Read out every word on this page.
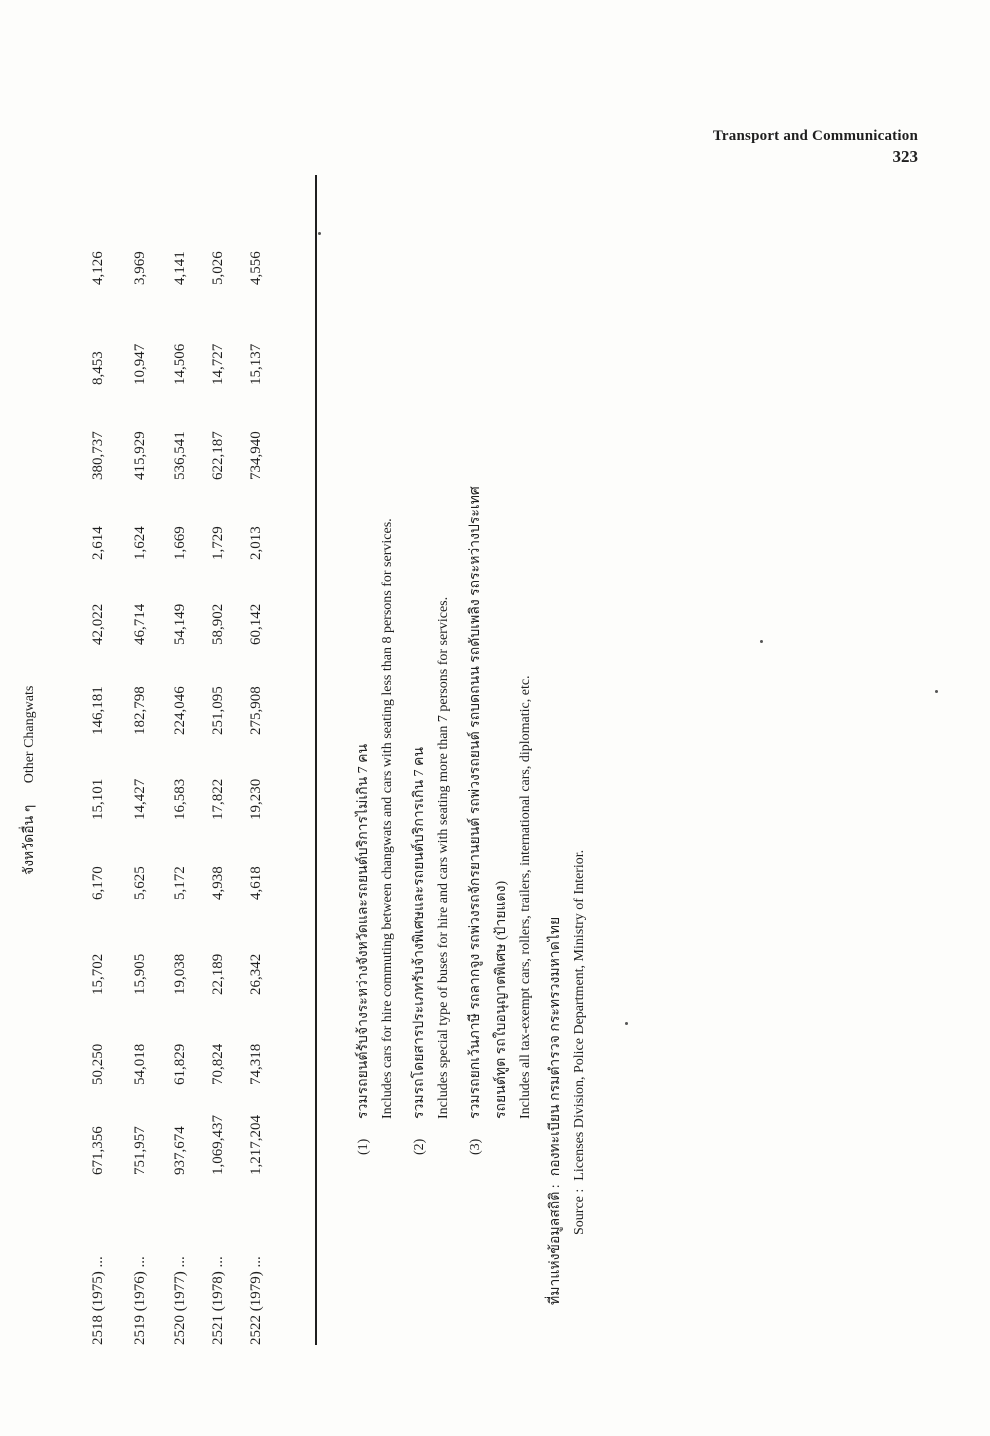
Transport and Communication
323
จังหวัดอื่น ๆ Other Changwats
2518 (1975) ...
671,356
50,250
15,702
6,170
15,101
146,181
42,022
2,614
380,737
8,453
4,126
2519 (1976) ...
751,957
54,018
15,905
5,625
14,427
182,798
46,714
1,624
415,929
10,947
3,969
2520 (1977) ...
937,674
61,829
19,038
5,172
16,583
224,046
54,149
1,669
536,541
14,506
4,141
2521 (1978) ...
1,069,437
70,824
22,189
4,938
17,822
251,095
58,902
1,729
622,187
14,727
5,026
2522 (1979) ...
1,217,204
74,318
26,342
4,618
19,230
275,908
60,142
2,013
734,940
15,137
4,556
(1)รวมรถยนต์รับจ้างระหว่างจังหวัดและรถยนต์บริการไม่เกิน 7 คน Includes cars for hire commuting between changwats and cars with seating less than 8 persons for services.
(2)รวมรถโดยสารประเภทรับจ้างพิเศษและรถยนต์บริการเกิน 7 คน Includes special type of buses for hire and cars with seating more than 7 persons for services.
(3)รวมรถยกเว้นภาษี รถลากจูง รถพ่วงรถจักรยานยนต์ รถพ่วงรถยนต์ รถบดถนน รถดับเพลิง รถระหว่างประเทศ รถยนต์ทูต รถใบอนุญาตพิเศษ (ป้ายแดง) Includes all tax-exempt cars, rollers, trailers, international cars, diplomatic, etc.
ที่มาแห่งข้อมูลสถิติ :กองทะเบียน กรมตำรวจ กระทรวงมหาดไทย
Source :Licenses Division, Police Department, Ministry of Interior.
